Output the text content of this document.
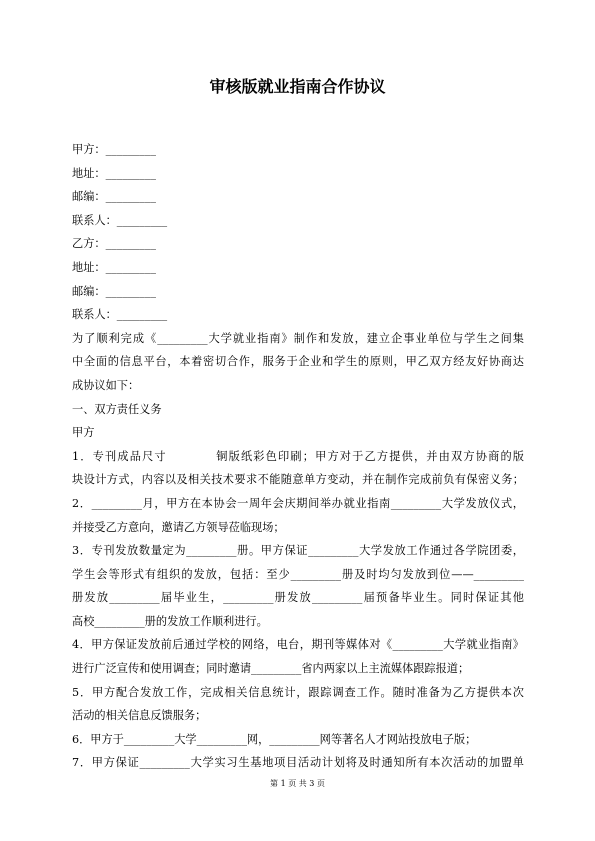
审核版就业指南合作协议
甲方：_________
地址：_________
邮编：_________
联系人：_________
乙方：_________
地址：_________
邮编：_________
联系人：_________
为了顺利完成《_________大学就业指南》制作和发放，建立企事业单位与学生之间集
中全面的信息平台，本着密切合作，服务于企业和学生的原则，甲乙双方经友好协商达
成协议如下：
一、双方责任义务
甲方
1．专刊成品尺寸　　　　铜版纸彩色印刷；甲方对于乙方提供，并由双方协商的版
块设计方式，内容以及相关技术要求不能随意单方变动，并在制作完成前负有保密义务；
2．_________月，甲方在本协会一周年会庆期间举办就业指南_________大学发放仪式，
并接受乙方意向，邀请乙方领导莅临现场；
3．专刊发放数量定为_________册。甲方保证_________大学发放工作通过各学院团委，
学生会等形式有组织的发放，包括：至少_________册及时均匀发放到位——_________
册发放_________届毕业生，_________册发放_________届预备毕业生。同时保证其他
高校_________册的发放工作顺利进行。
4．甲方保证发放前后通过学校的网络，电台，期刊等媒体对《_________大学就业指南》
进行广泛宣传和使用调查；同时邀请_________省内两家以上主流媒体跟踪报道；
5．甲方配合发放工作，完成相关信息统计，跟踪调查工作。随时准备为乙方提供本次
活动的相关信息反馈服务；
6．甲方于_________大学_________网，_________网等著名人才网站投放电子版；
7．甲方保证_________大学实习生基地项目活动计划将及时通知所有本次活动的加盟单
第 1 页 共 3 页
